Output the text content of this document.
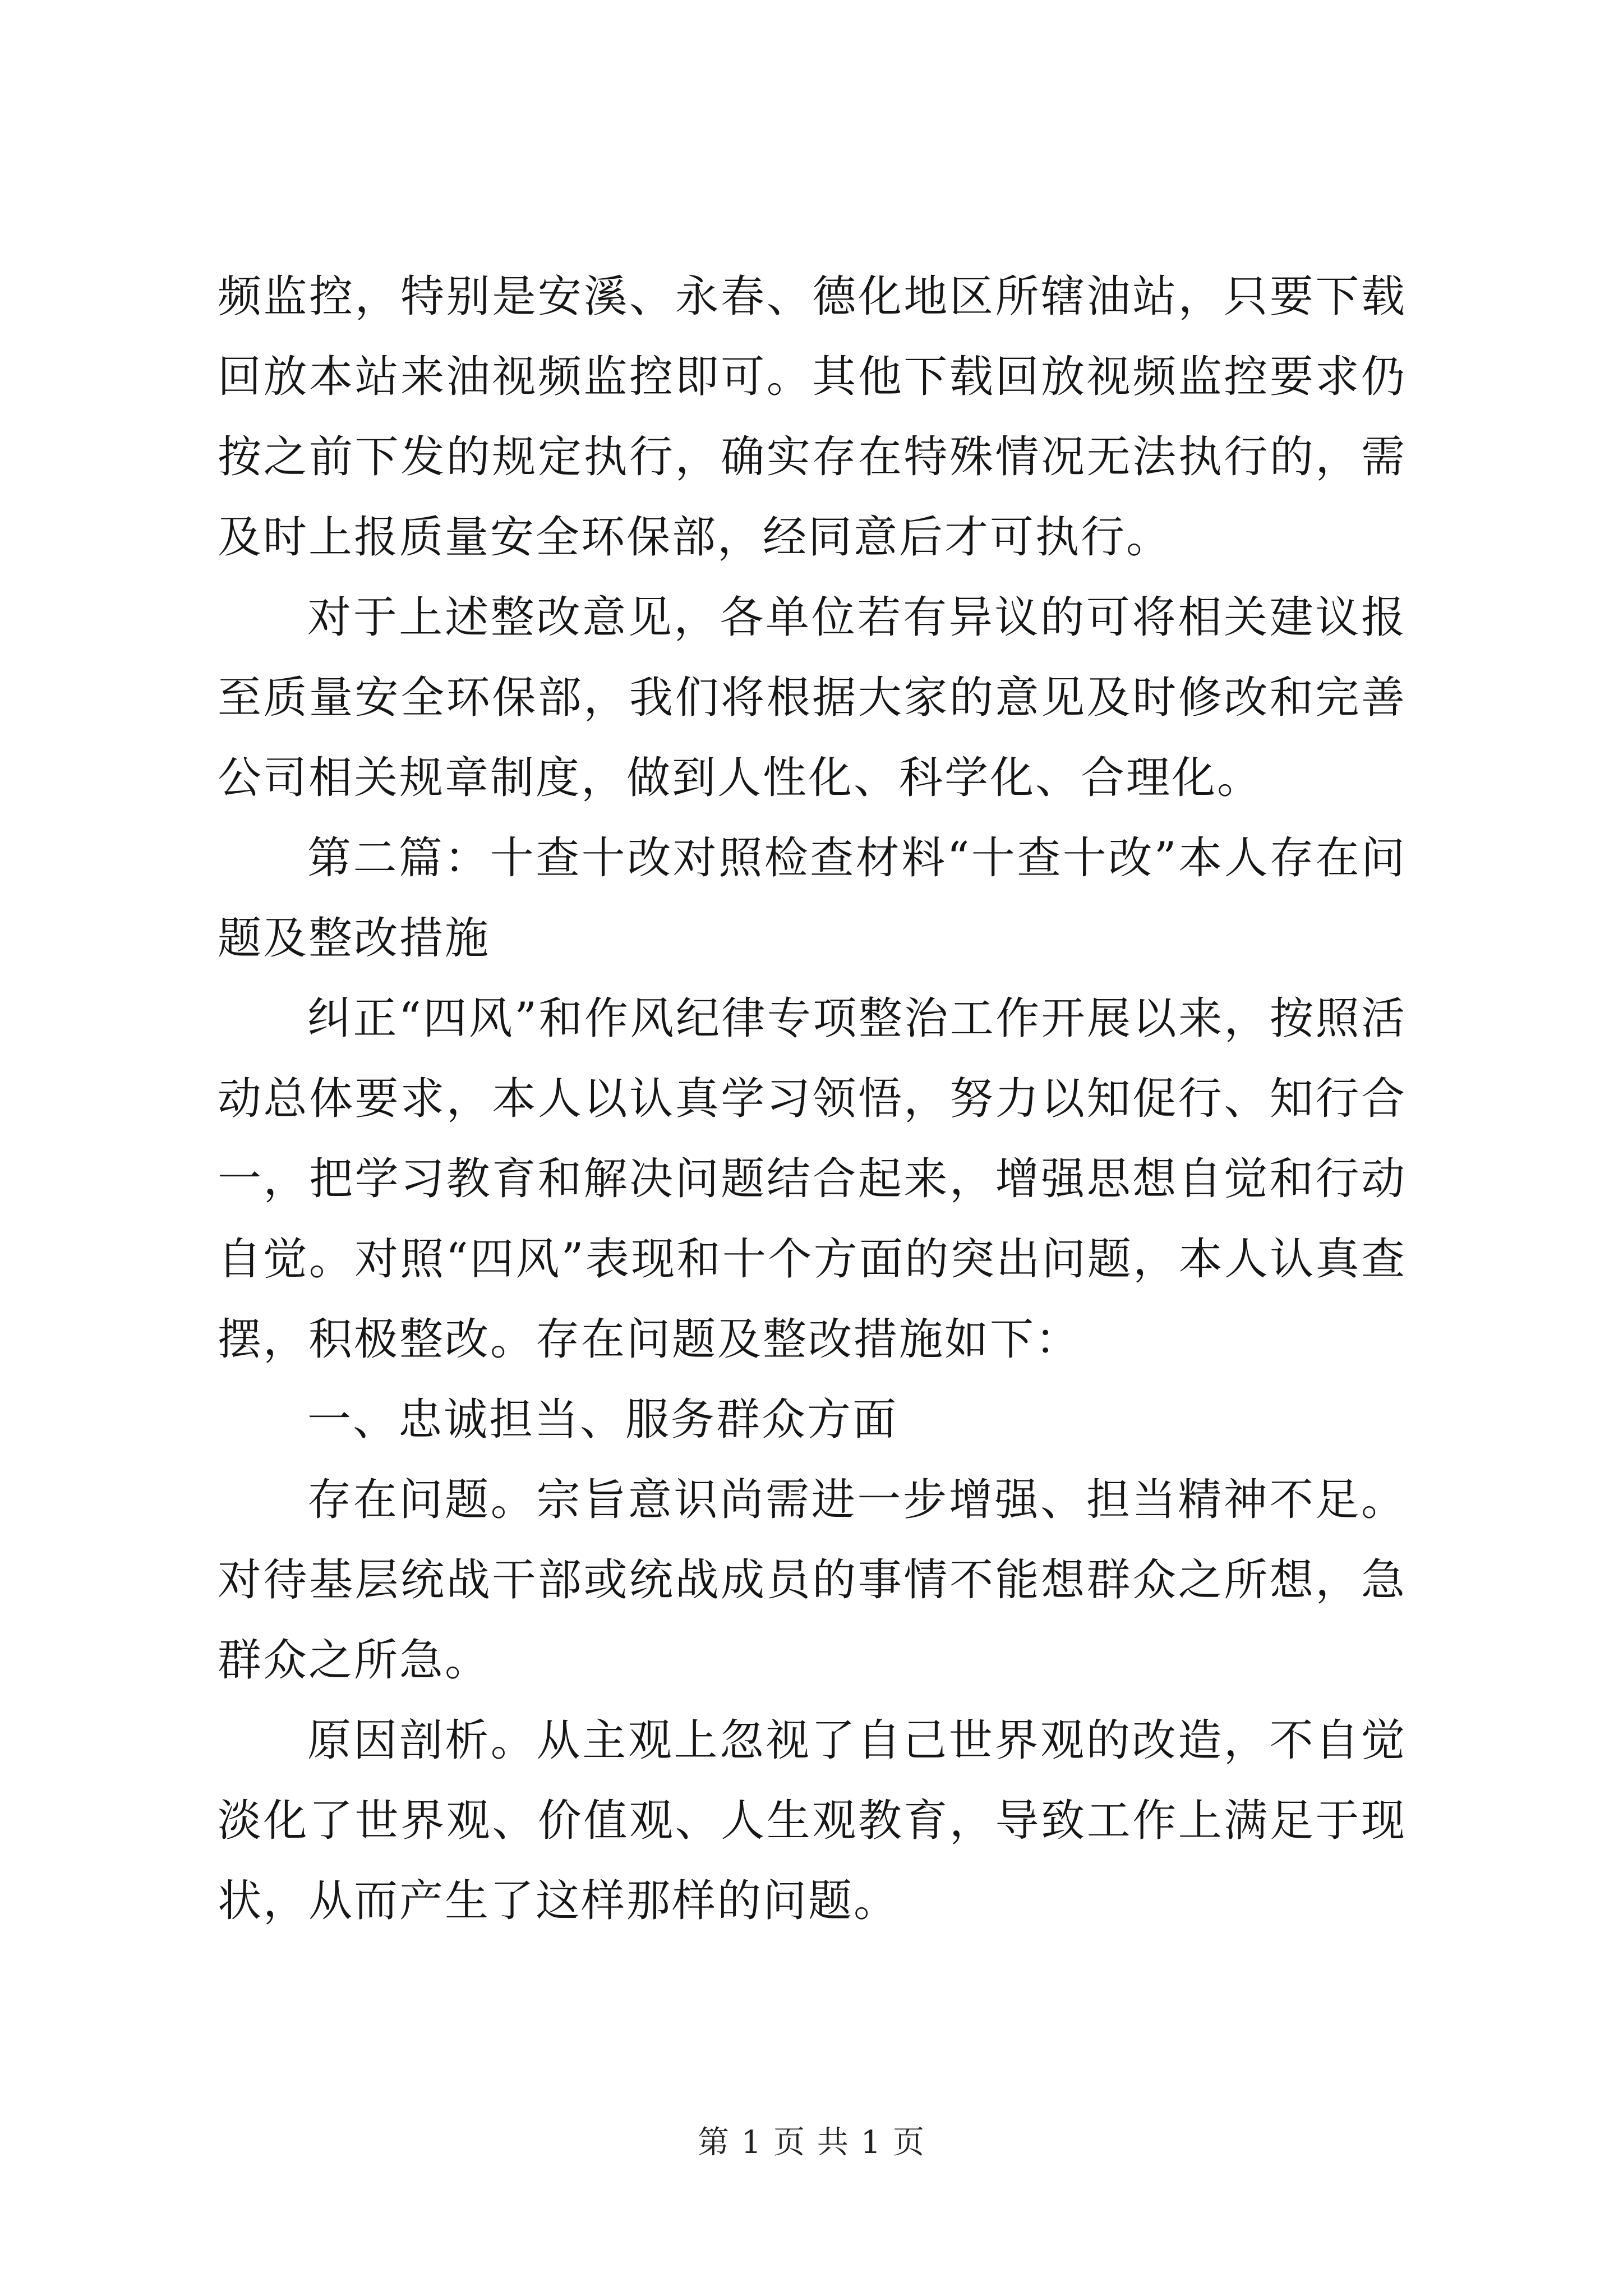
频监控，特别是安溪、永春、德化地区所辖油站，只要下载回放本站来油视频监控即可。其他下载回放视频监控要求仍按之前下发的规定执行，确实存在特殊情况无法执行的，需及时上报质量安全环保部，经同意后才可执行。

对于上述整改意见，各单位若有异议的可将相关建议报至质量安全环保部，我们将根据大家的意见及时修改和完善公司相关规章制度，做到人性化、科学化、合理化。

第二篇：十查十改对照检查材料“十查十改”本人存在问题及整改措施

纠正“四风”和作风纪律专项整治工作开展以来，按照活动总体要求，本人以认真学习领悟，努力以知促行、知行合一，把学习教育和解决问题结合起来，增强思想自觉和行动自觉。对照“四风”表现和十个方面的突出问题，本人认真查摆，积极整改。存在问题及整改措施如下：

一、忠诚担当、服务群众方面

存在问题。宗旨意识尚需进一步增强、担当精神不足。对待基层统战干部或统战成员的事情不能想群众之所想，急群众之所急。

原因剖析。从主观上忽视了自己世界观的改造，不自觉淡化了世界观、价值观、人生观教育，导致工作上满足于现状，从而产生了这样那样的问题。

第 1 页 共 1 页
